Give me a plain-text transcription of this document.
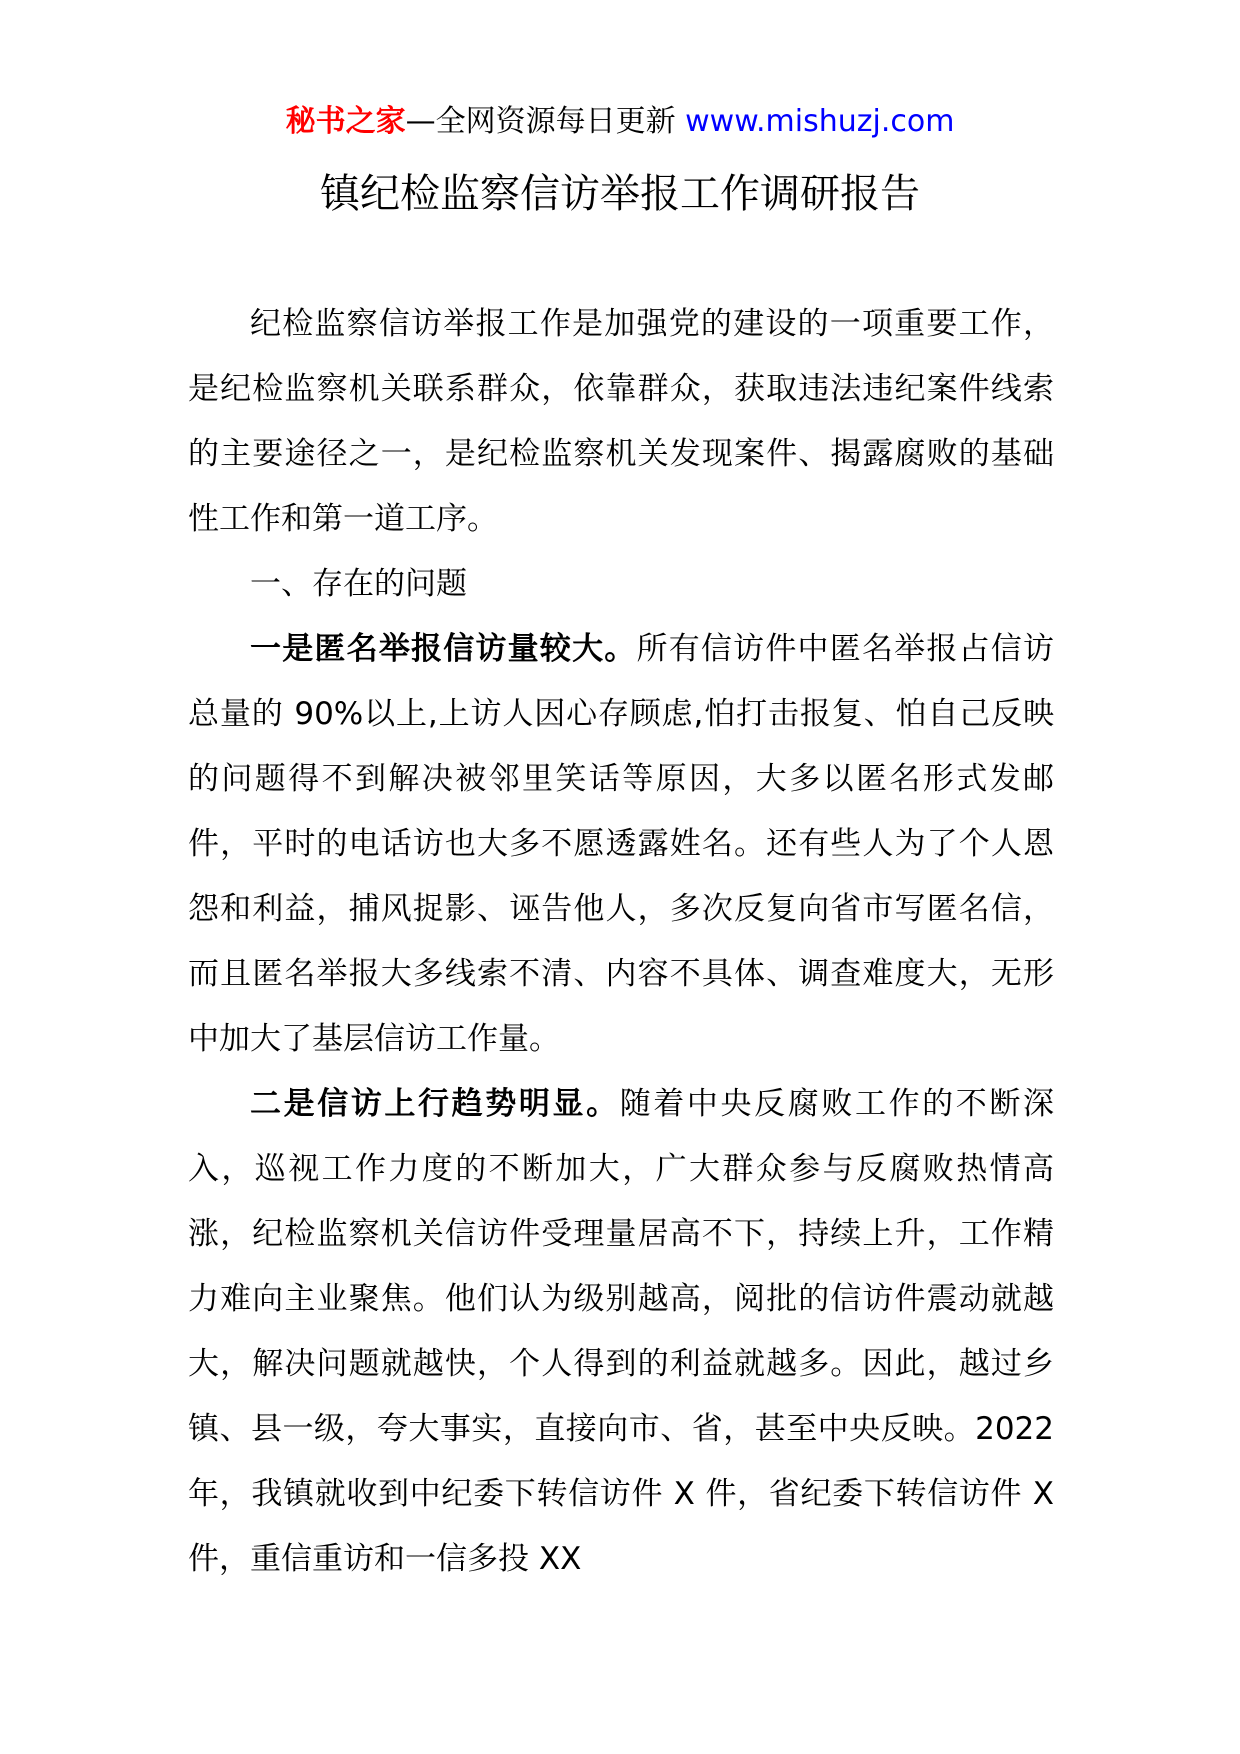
秘书之家—全网资源每日更新 www.mishuzj.com
镇纪检监察信访举报工作调研报告

纪检监察信访举报工作是加强党的建设的一项重要工作，是纪检监察机关联系群众，依靠群众，获取违法违纪案件线索的主要途径之一，是纪检监察机关发现案件、揭露腐败的基础性工作和第一道工序。

一、存在的问题

一是匿名举报信访量较大。所有信访件中匿名举报占信访总量的 90%以上,上访人因心存顾虑,怕打击报复、怕自己反映的问题得不到解决被邻里笑话等原因，大多以匿名形式发邮件，平时的电话访也大多不愿透露姓名。还有些人为了个人恩怨和利益，捕风捉影、诬告他人，多次反复向省市写匿名信，而且匿名举报大多线索不清、内容不具体、调查难度大，无形中加大了基层信访工作量。

二是信访上行趋势明显。随着中央反腐败工作的不断深入，巡视工作力度的不断加大，广大群众参与反腐败热情高涨，纪检监察机关信访件受理量居高不下，持续上升，工作精力难向主业聚焦。他们认为级别越高，阅批的信访件震动就越大，解决问题就越快，个人得到的利益就越多。因此，越过乡镇、县一级，夸大事实，直接向市、省，甚至中央反映。2022 年，我镇就收到中纪委下转信访件 X 件，省纪委下转信访件 X 件，重信重访和一信多投 XX
